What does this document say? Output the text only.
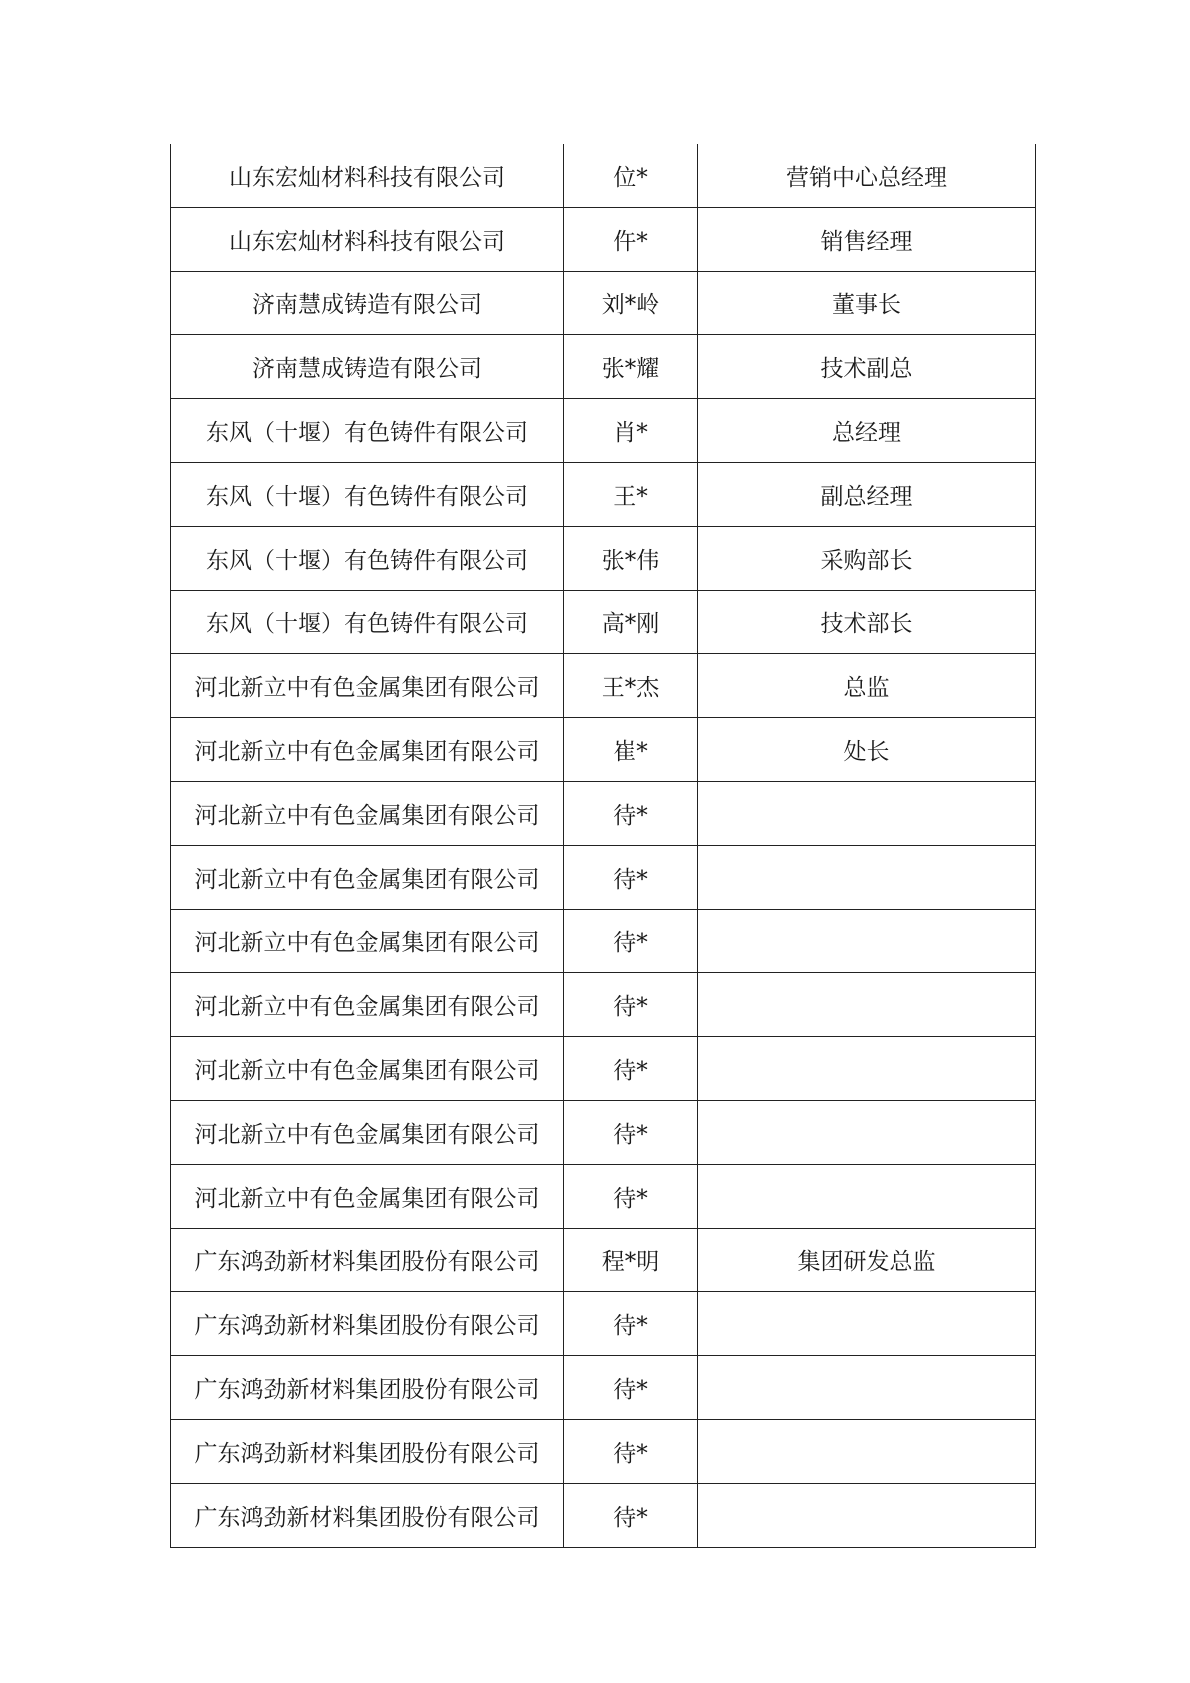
山东宏灿材料科技有限公司	位*	营销中心总经理
山东宏灿材料科技有限公司	仵*	销售经理
济南慧成铸造有限公司	刘*岭	董事长
济南慧成铸造有限公司	张*耀	技术副总
东风（十堰）有色铸件有限公司	肖*	总经理
东风（十堰）有色铸件有限公司	王*	副总经理
东风（十堰）有色铸件有限公司	张*伟	采购部长
东风（十堰）有色铸件有限公司	高*刚	技术部长
河北新立中有色金属集团有限公司	王*杰	总监
河北新立中有色金属集团有限公司	崔*	处长
河北新立中有色金属集团有限公司	待*	
河北新立中有色金属集团有限公司	待*	
河北新立中有色金属集团有限公司	待*	
河北新立中有色金属集团有限公司	待*	
河北新立中有色金属集团有限公司	待*	
河北新立中有色金属集团有限公司	待*	
河北新立中有色金属集团有限公司	待*	
广东鸿劲新材料集团股份有限公司	程*明	集团研发总监
广东鸿劲新材料集团股份有限公司	待*	
广东鸿劲新材料集团股份有限公司	待*	
广东鸿劲新材料集团股份有限公司	待*	
广东鸿劲新材料集团股份有限公司	待*	
